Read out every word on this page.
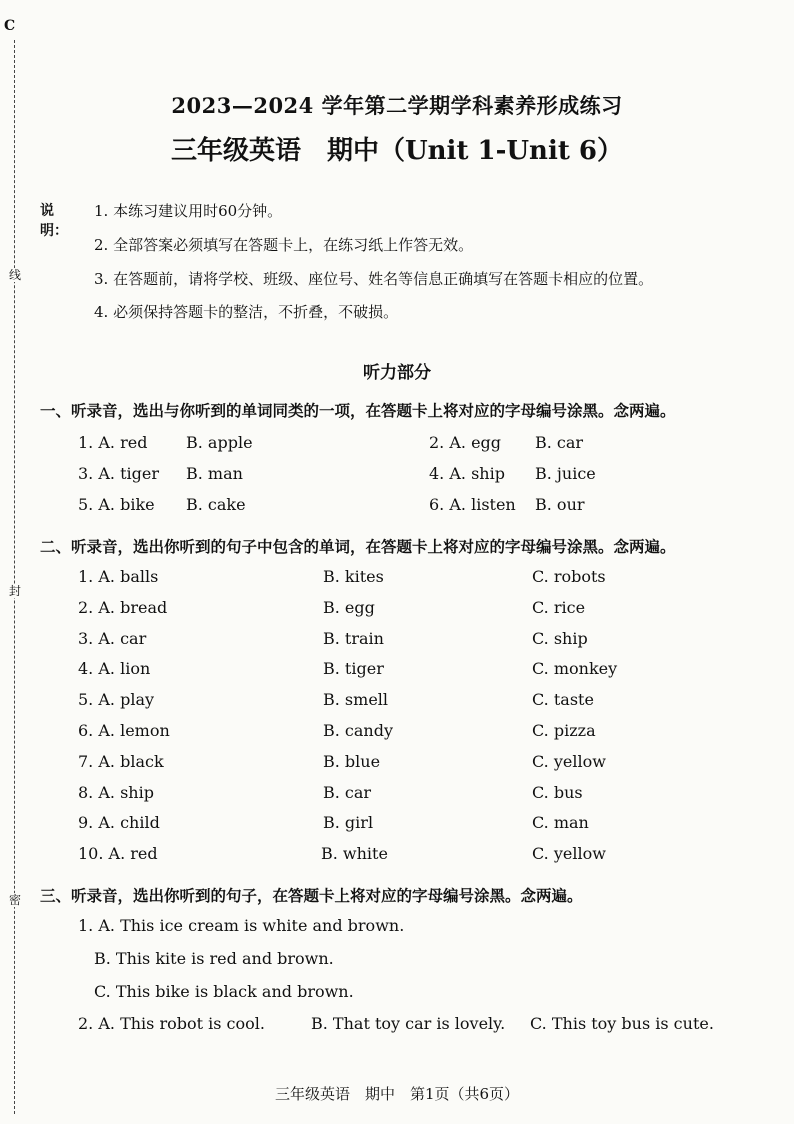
C
线
封
密
2023—2024 学年第二学期学科素养形成练习
三年级英语　期中（Unit 1-Unit 6）
说明：
1. 本练习建议用时60分钟。
2. 全部答案必须填写在答题卡上，在练习纸上作答无效。
3. 在答题前，请将学校、班级、座位号、姓名等信息正确填写在答题卡相应的位置。
4. 必须保持答题卡的整洁，不折叠，不破损。
听力部分
一、听录音，选出与你听到的单词同类的一项，在答题卡上将对应的字母编号涂黑。念两遍。
1. A. red B. apple	2. A. egg B. car
3. A. tiger B. man	4. A. ship B. juice
5. A. bike B. cake	6. A. listen B. our
二、听录音，选出你听到的句子中包含的单词，在答题卡上将对应的字母编号涂黑。念两遍。
1. A. balls	B. kites	C. robots
2. A. bread	B. egg	C. rice
3. A. car	B. train	C. ship
4. A. lion	B. tiger	C. monkey
5. A. play	B. smell	C. taste
6. A. lemon	B. candy	C. pizza
7. A. black	B. blue	C. yellow
8. A. ship	B. car	C. bus
9. A. child	B. girl	C. man
10. A. red	B. white	C. yellow
三、听录音，选出你听到的句子，在答题卡上将对应的字母编号涂黑。念两遍。
1. A. This ice cream is white and brown.
B. This kite is red and brown.
C. This bike is black and brown.
2. A. This robot is cool.	B. That toy car is lovely. C. This toy bus is cute.
三年级英语　期中　第1页（共6页）
